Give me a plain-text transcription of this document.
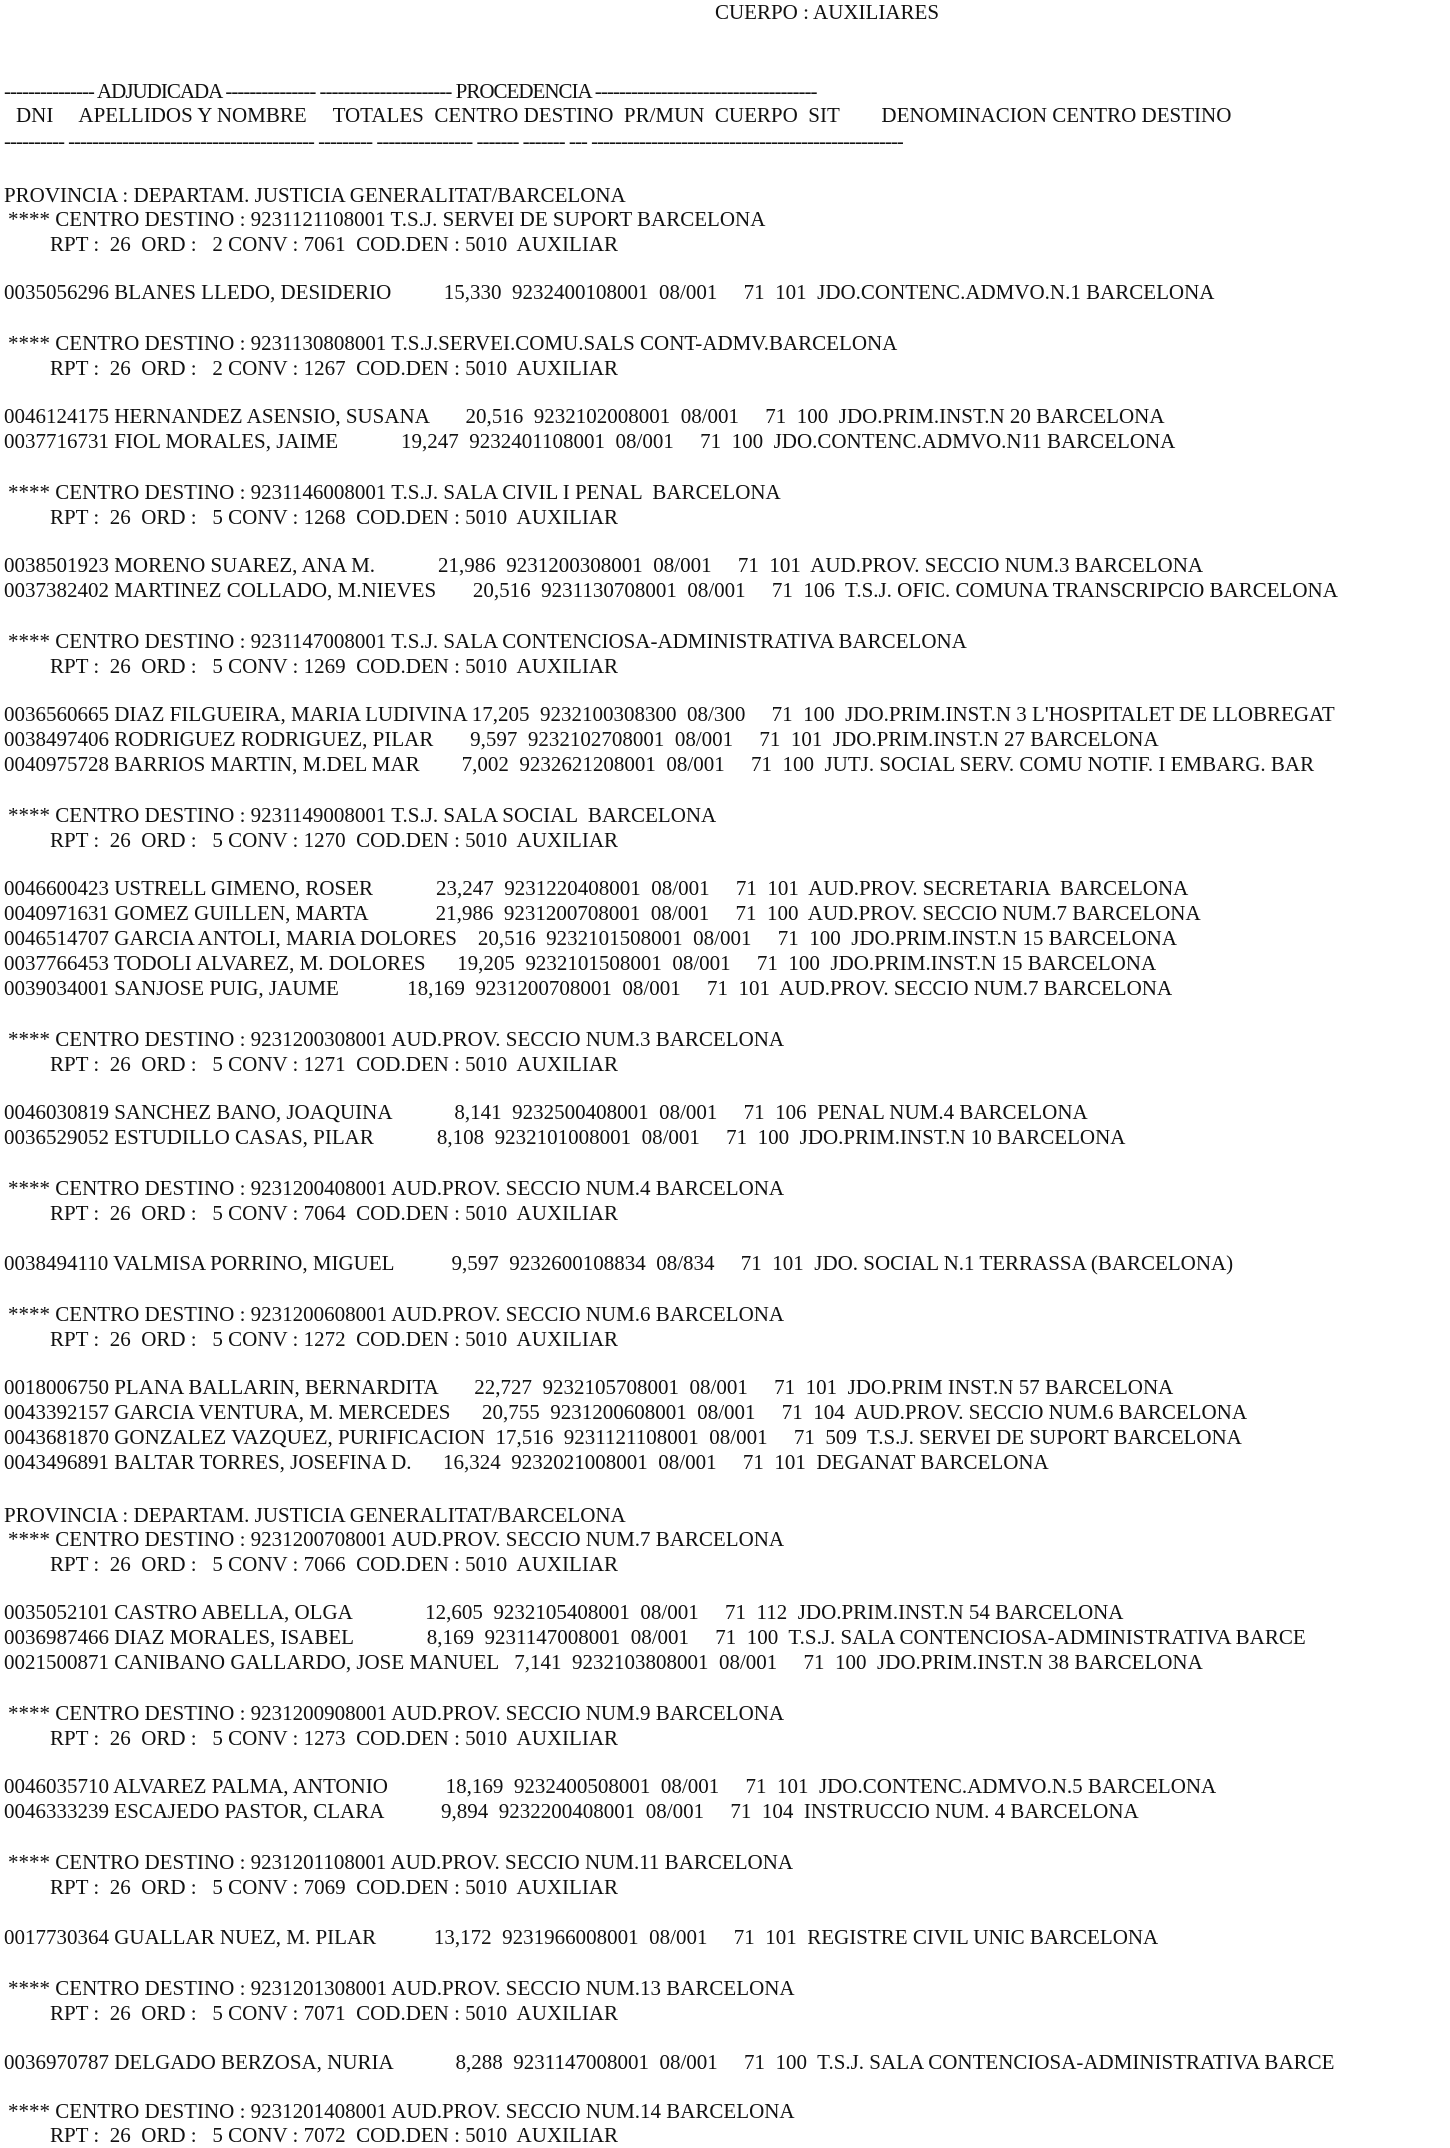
CUERPO : AUXILIARES
--------------- ADJUDICADA --------------- ---------------------- PROCEDENCIA -------------------------------------
DNI     APELLIDOS Y NOMBRE     TOTALES  CENTRO DESTINO  PR/MUN  CUERPO  SIT        DENOMINACION CENTRO DESTINO
---------- ----------------------------------------- --------- ---------------- ------- ------- --- ----------------------------------------------------
PROVINCIA : DEPARTAM. JUSTICIA GENERALITAT/BARCELONA
**** CENTRO DESTINO : 9231121108001 T.S.J. SERVEI DE SUPORT BARCELONA
RPT :  26  ORD :   2 CONV : 7061  COD.DEN : 5010  AUXILIAR
0035056296 BLANES LLEDO, DESIDERIO          15,330  9232400108001  08/001     71  101  JDO.CONTENC.ADMVO.N.1 BARCELONA
**** CENTRO DESTINO : 9231130808001 T.S.J.SERVEI.COMU.SALS CONT-ADMV.BARCELONA
RPT :  26  ORD :   2 CONV : 1267  COD.DEN : 5010  AUXILIAR
0046124175 HERNANDEZ ASENSIO, SUSANA       20,516  9232102008001  08/001     71  100  JDO.PRIM.INST.N 20 BARCELONA
0037716731 FIOL MORALES, JAIME            19,247  9232401108001  08/001     71  100  JDO.CONTENC.ADMVO.N11 BARCELONA
**** CENTRO DESTINO : 9231146008001 T.S.J. SALA CIVIL I PENAL  BARCELONA
RPT :  26  ORD :   5 CONV : 1268  COD.DEN : 5010  AUXILIAR
0038501923 MORENO SUAREZ, ANA M.            21,986  9231200308001  08/001     71  101  AUD.PROV. SECCIO NUM.3 BARCELONA
0037382402 MARTINEZ COLLADO, M.NIEVES       20,516  9231130708001  08/001     71  106  T.S.J. OFIC. COMUNA TRANSCRIPCIO BARCELONA
**** CENTRO DESTINO : 9231147008001 T.S.J. SALA CONTENCIOSA-ADMINISTRATIVA BARCELONA
RPT :  26  ORD :   5 CONV : 1269  COD.DEN : 5010  AUXILIAR
0036560665 DIAZ FILGUEIRA, MARIA LUDIVINA 17,205  9232100308300  08/300     71  100  JDO.PRIM.INST.N 3 L'HOSPITALET DE LLOBREGAT
0038497406 RODRIGUEZ RODRIGUEZ, PILAR       9,597  9232102708001  08/001     71  101  JDO.PRIM.INST.N 27 BARCELONA
0040975728 BARRIOS MARTIN, M.DEL MAR        7,002  9232621208001  08/001     71  100  JUTJ. SOCIAL SERV. COMU NOTIF. I EMBARG. BAR
**** CENTRO DESTINO : 9231149008001 T.S.J. SALA SOCIAL  BARCELONA
RPT :  26  ORD :   5 CONV : 1270  COD.DEN : 5010  AUXILIAR
0046600423 USTRELL GIMENO, ROSER            23,247  9231220408001  08/001     71  101  AUD.PROV. SECRETARIA  BARCELONA
0040971631 GOMEZ GUILLEN, MARTA             21,986  9231200708001  08/001     71  100  AUD.PROV. SECCIO NUM.7 BARCELONA
0046514707 GARCIA ANTOLI, MARIA DOLORES    20,516  9232101508001  08/001     71  100  JDO.PRIM.INST.N 15 BARCELONA
0037766453 TODOLI ALVAREZ, M. DOLORES      19,205  9232101508001  08/001     71  100  JDO.PRIM.INST.N 15 BARCELONA
0039034001 SANJOSE PUIG, JAUME             18,169  9231200708001  08/001     71  101  AUD.PROV. SECCIO NUM.7 BARCELONA
**** CENTRO DESTINO : 9231200308001 AUD.PROV. SECCIO NUM.3 BARCELONA
RPT :  26  ORD :   5 CONV : 1271  COD.DEN : 5010  AUXILIAR
0046030819 SANCHEZ BANO, JOAQUINA            8,141  9232500408001  08/001     71  106  PENAL NUM.4 BARCELONA
0036529052 ESTUDILLO CASAS, PILAR            8,108  9232101008001  08/001     71  100  JDO.PRIM.INST.N 10 BARCELONA
**** CENTRO DESTINO : 9231200408001 AUD.PROV. SECCIO NUM.4 BARCELONA
RPT :  26  ORD :   5 CONV : 7064  COD.DEN : 5010  AUXILIAR
0038494110 VALMISA PORRINO, MIGUEL           9,597  9232600108834  08/834     71  101  JDO. SOCIAL N.1 TERRASSA (BARCELONA)
**** CENTRO DESTINO : 9231200608001 AUD.PROV. SECCIO NUM.6 BARCELONA
RPT :  26  ORD :   5 CONV : 1272  COD.DEN : 5010  AUXILIAR
0018006750 PLANA BALLARIN, BERNARDITA       22,727  9232105708001  08/001     71  101  JDO.PRIM INST.N 57 BARCELONA
0043392157 GARCIA VENTURA, M. MERCEDES      20,755  9231200608001  08/001     71  104  AUD.PROV. SECCIO NUM.6 BARCELONA
0043681870 GONZALEZ VAZQUEZ, PURIFICACION  17,516  9231121108001  08/001     71  509  T.S.J. SERVEI DE SUPORT BARCELONA
0043496891 BALTAR TORRES, JOSEFINA D.      16,324  9232021008001  08/001     71  101  DEGANAT BARCELONA
PROVINCIA : DEPARTAM. JUSTICIA GENERALITAT/BARCELONA
**** CENTRO DESTINO : 9231200708001 AUD.PROV. SECCIO NUM.7 BARCELONA
RPT :  26  ORD :   5 CONV : 7066  COD.DEN : 5010  AUXILIAR
0035052101 CASTRO ABELLA, OLGA              12,605  9232105408001  08/001     71  112  JDO.PRIM.INST.N 54 BARCELONA
0036987466 DIAZ MORALES, ISABEL              8,169  9231147008001  08/001     71  100  T.S.J. SALA CONTENCIOSA-ADMINISTRATIVA BARCE
0021500871 CANIBANO GALLARDO, JOSE MANUEL   7,141  9232103808001  08/001     71  100  JDO.PRIM.INST.N 38 BARCELONA
**** CENTRO DESTINO : 9231200908001 AUD.PROV. SECCIO NUM.9 BARCELONA
RPT :  26  ORD :   5 CONV : 1273  COD.DEN : 5010  AUXILIAR
0046035710 ALVAREZ PALMA, ANTONIO           18,169  9232400508001  08/001     71  101  JDO.CONTENC.ADMVO.N.5 BARCELONA
0046333239 ESCAJEDO PASTOR, CLARA           9,894  9232200408001  08/001     71  104  INSTRUCCIO NUM. 4 BARCELONA
**** CENTRO DESTINO : 9231201108001 AUD.PROV. SECCIO NUM.11 BARCELONA
RPT :  26  ORD :   5 CONV : 7069  COD.DEN : 5010  AUXILIAR
0017730364 GUALLAR NUEZ, M. PILAR           13,172  9231966008001  08/001     71  101  REGISTRE CIVIL UNIC BARCELONA
**** CENTRO DESTINO : 9231201308001 AUD.PROV. SECCIO NUM.13 BARCELONA
RPT :  26  ORD :   5 CONV : 7071  COD.DEN : 5010  AUXILIAR
0036970787 DELGADO BERZOSA, NURIA            8,288  9231147008001  08/001     71  100  T.S.J. SALA CONTENCIOSA-ADMINISTRATIVA BARCE
**** CENTRO DESTINO : 9231201408001 AUD.PROV. SECCIO NUM.14 BARCELONA
RPT :  26  ORD :   5 CONV : 7072  COD.DEN : 5010  AUXILIAR
